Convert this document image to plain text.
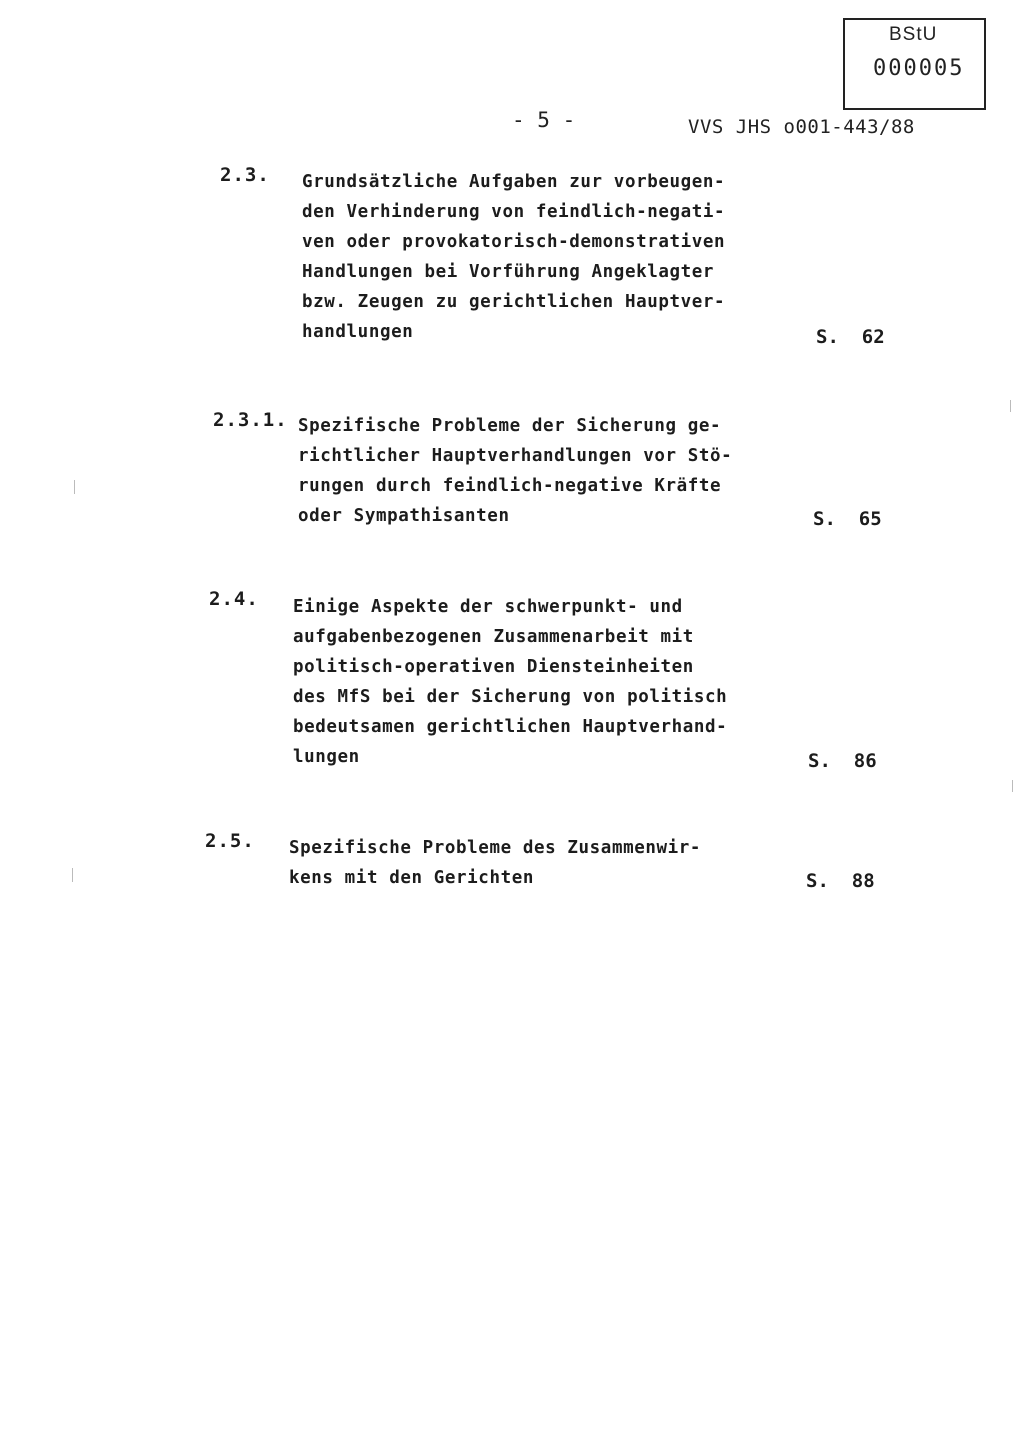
BStU
000005
- 5 -	VVS JHS o001-443/88
2.3. Grundsätzliche Aufgaben zur vorbeugen-
den Verhinderung von feindlich-negati-
ven oder provokatorisch-demonstrativen
Handlungen bei Vorführung Angeklagter
bzw. Zeugen zu gerichtlichen Hauptver-
handlungen	S.  62
2.3.1. Spezifische Probleme der Sicherung ge-
richtlicher Hauptverhandlungen vor Stö-
rungen durch feindlich-negative Kräfte
oder Sympathisanten	S.  65
2.4. Einige Aspekte der schwerpunkt- und
aufgabenbezogenen Zusammenarbeit mit
politisch-operativen Diensteinheiten
des MfS bei der Sicherung von politisch
bedeutsamen gerichtlichen Hauptverhand-
lungen	S.  86
2.5. Spezifische Probleme des Zusammenwir-
kens mit den Gerichten	S.  88
